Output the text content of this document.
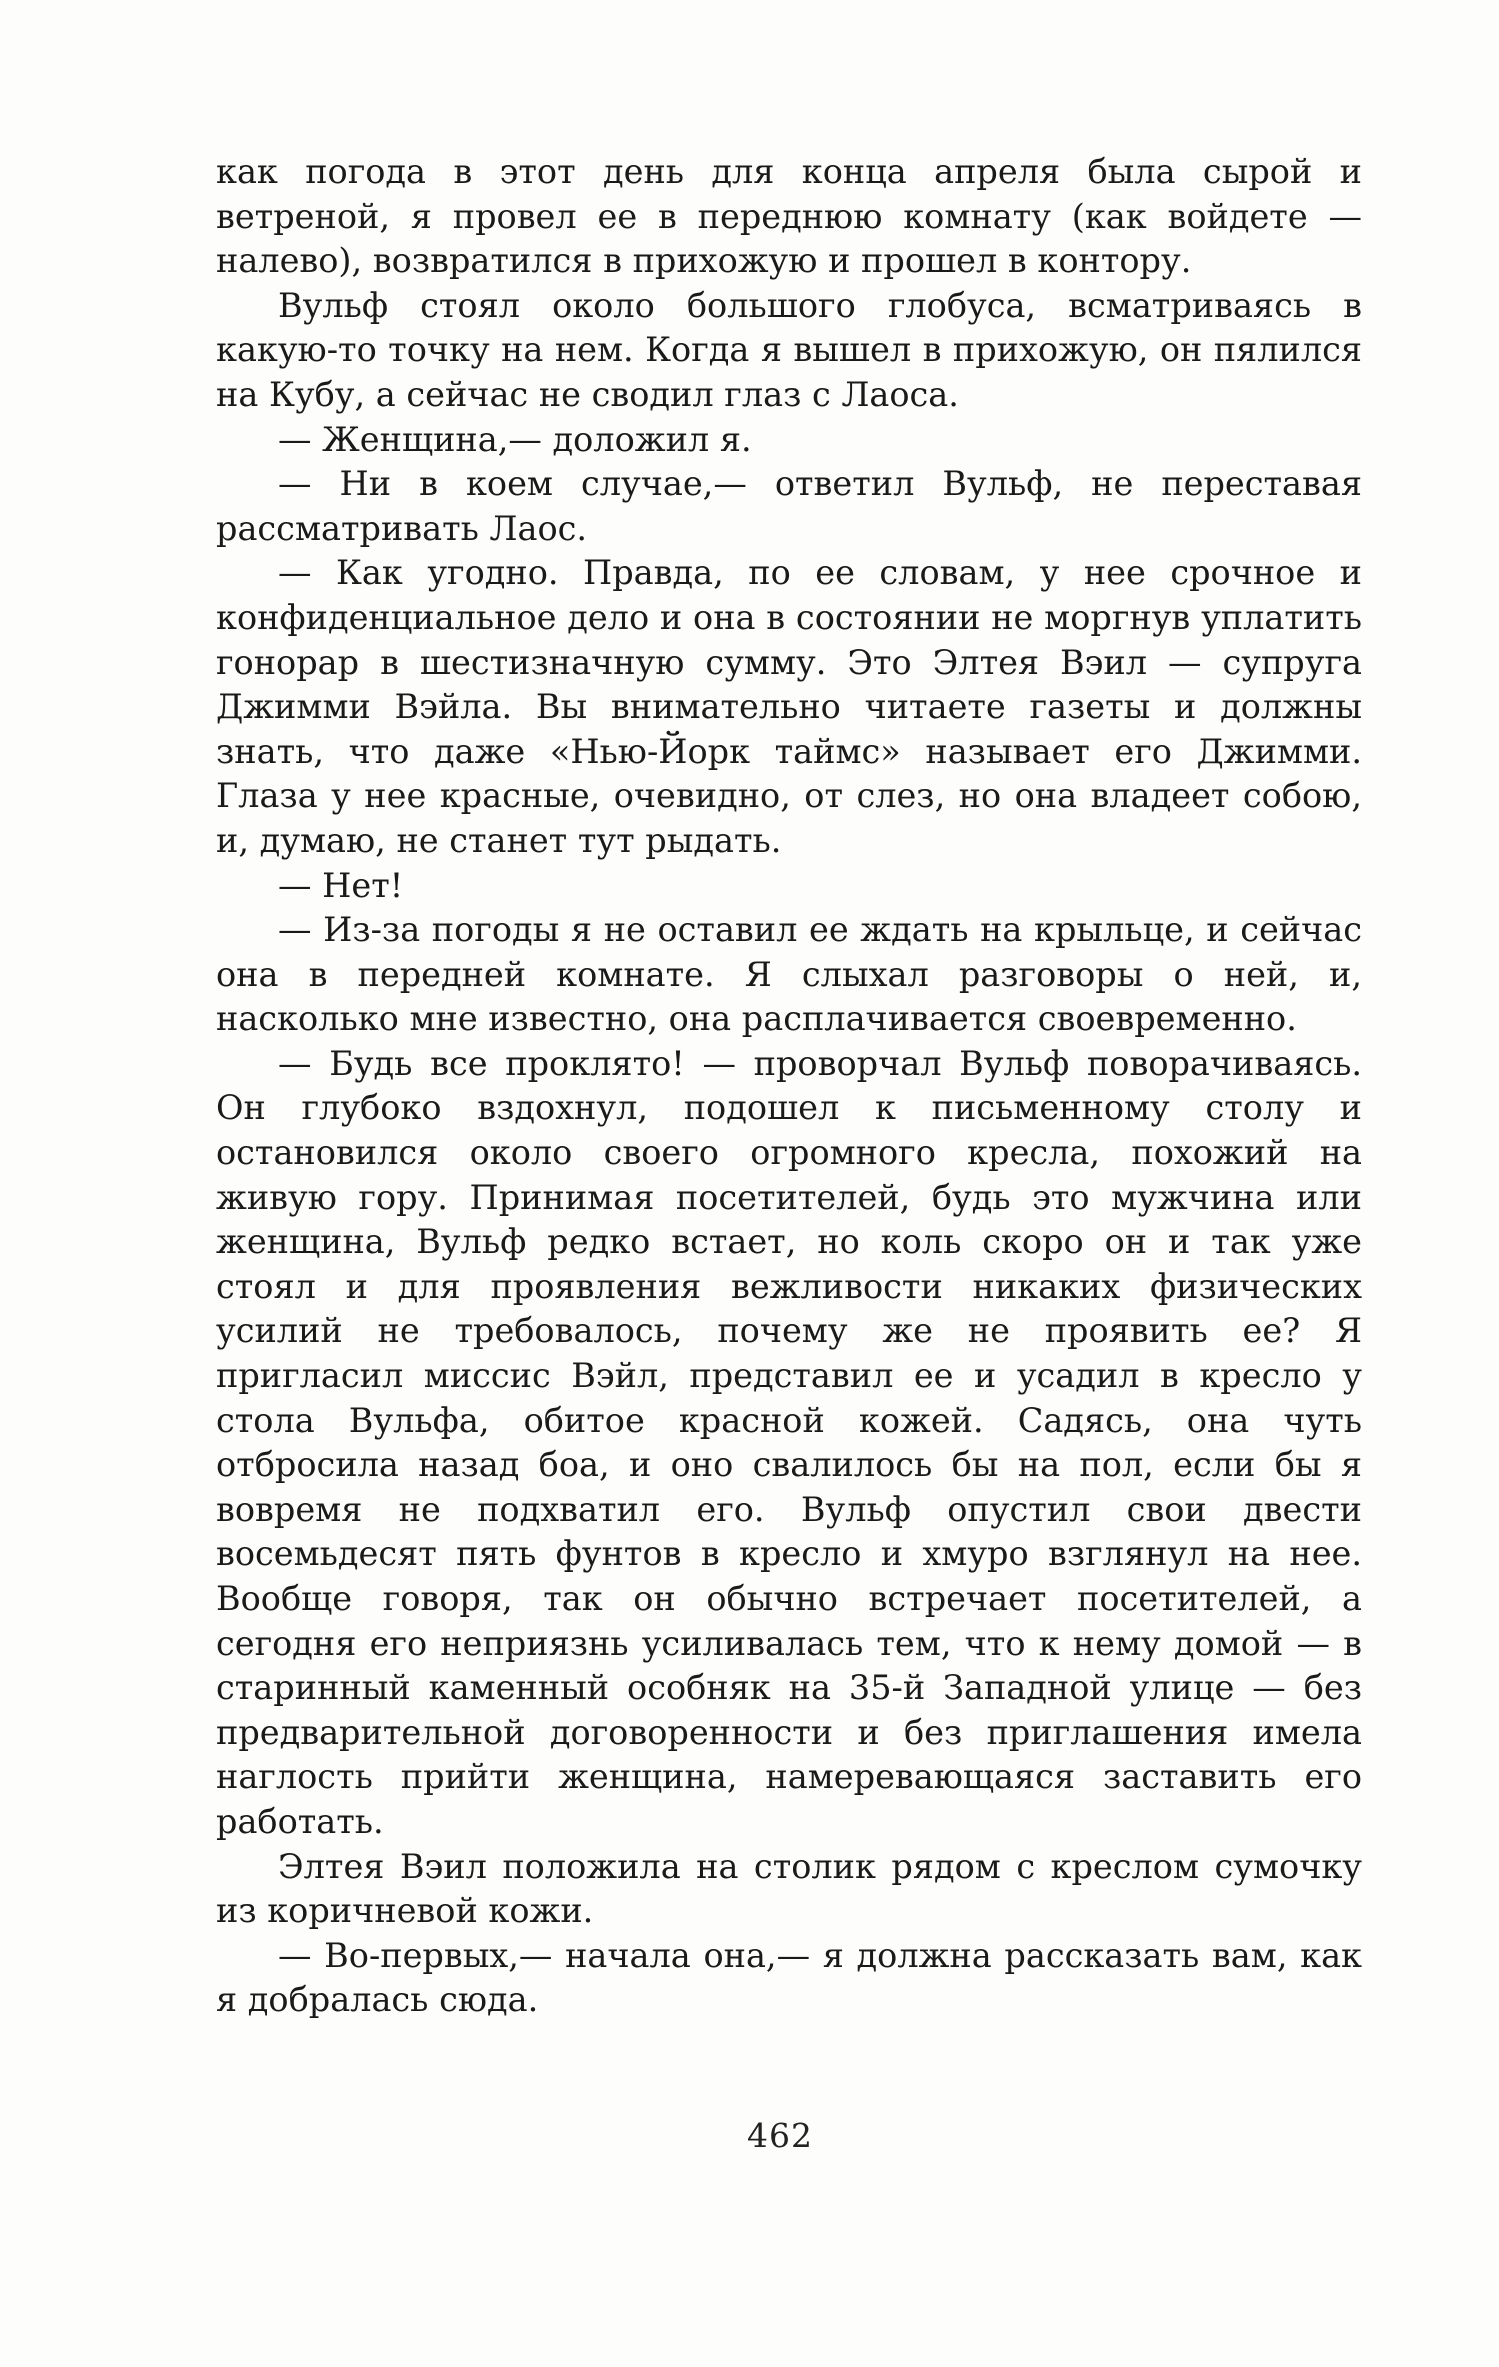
как погода в этот день для конца апреля была сырой и ветреной, я провел ее в переднюю комнату (как войдете — налево), возвратился в прихожую и прошел в контору.

Вульф стоял около большого глобуса, всматриваясь в какую-то точку на нем. Когда я вышел в прихожую, он пялился на Кубу, а сейчас не сводил глаз с Лаоса.

— Женщина,— доложил я.

— Ни в коем случае,— ответил Вульф, не переставая рассматривать Лаос.

— Как угодно. Правда, по ее словам, у нее срочное и конфиденциальное дело и она в состоянии не моргнув уплатить гонорар в шестизначную сумму. Это Элтея Вэил — супруга Джимми Вэйла. Вы внимательно читаете газеты и должны знать, что даже «Нью-Йорк таймс» называет его Джимми. Глаза у нее красные, очевидно, от слез, но она владеет собою, и, думаю, не станет тут рыдать.

— Нет!

— Из-за погоды я не оставил ее ждать на крыльце, и сейчас она в передней комнате. Я слыхал разговоры о ней, и, насколько мне известно, она расплачивается своевременно.

— Будь все проклято! — проворчал Вульф поворачиваясь. Он глубоко вздохнул, подошел к письменному столу и остановился около своего огромного кресла, похожий на живую гору. Принимая посетителей, будь это мужчина или женщина, Вульф редко встает, но коль скоро он и так уже стоял и для проявления вежливости никаких физических усилий не требовалось, почему же не проявить ее? Я пригласил миссис Вэйл, представил ее и усадил в кресло у стола Вульфа, обитое красной кожей. Садясь, она чуть отбросила назад боа, и оно свалилось бы на пол, если бы я вовремя не подхватил его. Вульф опустил свои двести восемьдесят пять фунтов в кресло и хмуро взглянул на нее. Вообще говоря, так он обычно встречает посетителей, а сегодня его неприязнь усиливалась тем, что к нему домой — в старинный каменный особняк на 35-й Западной улице — без предварительной договоренности и без приглашения имела наглость прийти женщина, намеревающаяся заставить его работать.

Элтея Вэил положила на столик рядом с креслом сумочку из коричневой кожи.

— Во-первых,— начала она,— я должна рассказать вам, как я добралась сюда.

462
